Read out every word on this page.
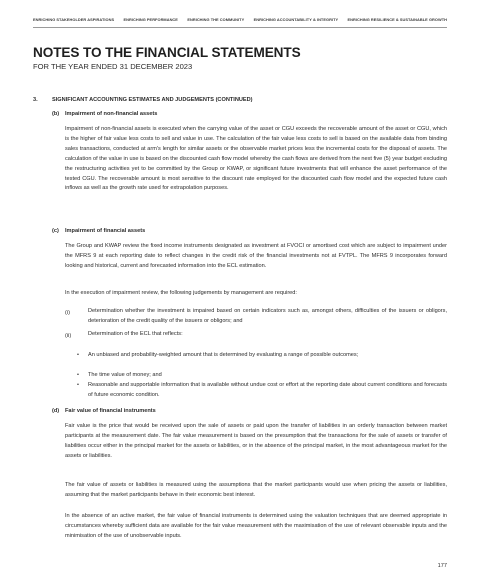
ENRICHING STAKEHOLDER ASPIRATIONS ENRICHING PERFORMANCE ENRICHING THE COMMUNITY ENRICHING ACCOUNTABILITY & INTEGRITY ENRICHING RESILIENCE & SUSTAINABLE GROWTH
NOTES TO THE FINANCIAL STATEMENTS
FOR THE YEAR ENDED 31 DECEMBER 2023
3.	SIGNIFICANT ACCOUNTING ESTIMATES AND JUDGEMENTS (CONTINUED)
(b) Impairment of non-financial assets
Impairment of non-financial assets is executed when the carrying value of the asset or CGU exceeds the recoverable amount of the asset or CGU, which is the higher of fair value less costs to sell and value in use. The calculation of the fair value less costs to sell is based on the available data from binding sales transactions, conducted at arm's length for similar assets or the observable market prices less the incremental costs for the disposal of assets. The calculation of the value in use is based on the discounted cash flow model whereby the cash flows are derived from the next five (5) year budget excluding the restructuring activities yet to be committed by the Group or KWAP, or significant future investments that will enhance the asset performance of the tested CGU. The recoverable amount is most sensitive to the discount rate employed for the discounted cash flow model and the expected future cash inflows as well as the growth rate used for extrapolation purposes.
(c) Impairment of financial assets
The Group and KWAP review the fixed income instruments designated as investment at FVOCI or amortised cost which are subject to impairment under the MFRS 9 at each reporting date to reflect changes in the credit risk of the financial investments not at FVTPL. The MFRS 9 incorporates forward looking and historical, current and forecasted information into the ECL estimation.
In the execution of impairment review, the following judgements by management are required:
(i)	Determination whether the investment is impaired based on certain indicators such as, amongst others, difficulties of the issuers or obligors, deterioration of the credit quality of the issuers or obligors; and
(ii)	Determination of the ECL that reflects:
• An unbiased and probability-weighted amount that is determined by evaluating a range of possible outcomes;
• The time value of money; and
• Reasonable and supportable information that is available without undue cost or effort at the reporting date about current conditions and forecasts of future economic condition.
(d) Fair value of financial instruments
Fair value is the price that would be received upon the sale of assets or paid upon the transfer of liabilities in an orderly transaction between market participants at the measurement date. The fair value measurement is based on the presumption that the transactions for the sale of assets or transfer of liabilities occur either in the principal market for the assets or liabilities, or in the absence of the principal market, in the most advantageous market for the assets or liabilities.
The fair value of assets or liabilities is measured using the assumptions that the market participants would use when pricing the assets or liabilities, assuming that the market participants behave in their economic best interest.
In the absence of an active market, the fair value of financial instruments is determined using the valuation techniques that are deemed appropriate in circumstances whereby sufficient data are available for the fair value measurement with the maximisation of the use of relevant observable inputs and the minimisation of the use of unobservable inputs.
177
